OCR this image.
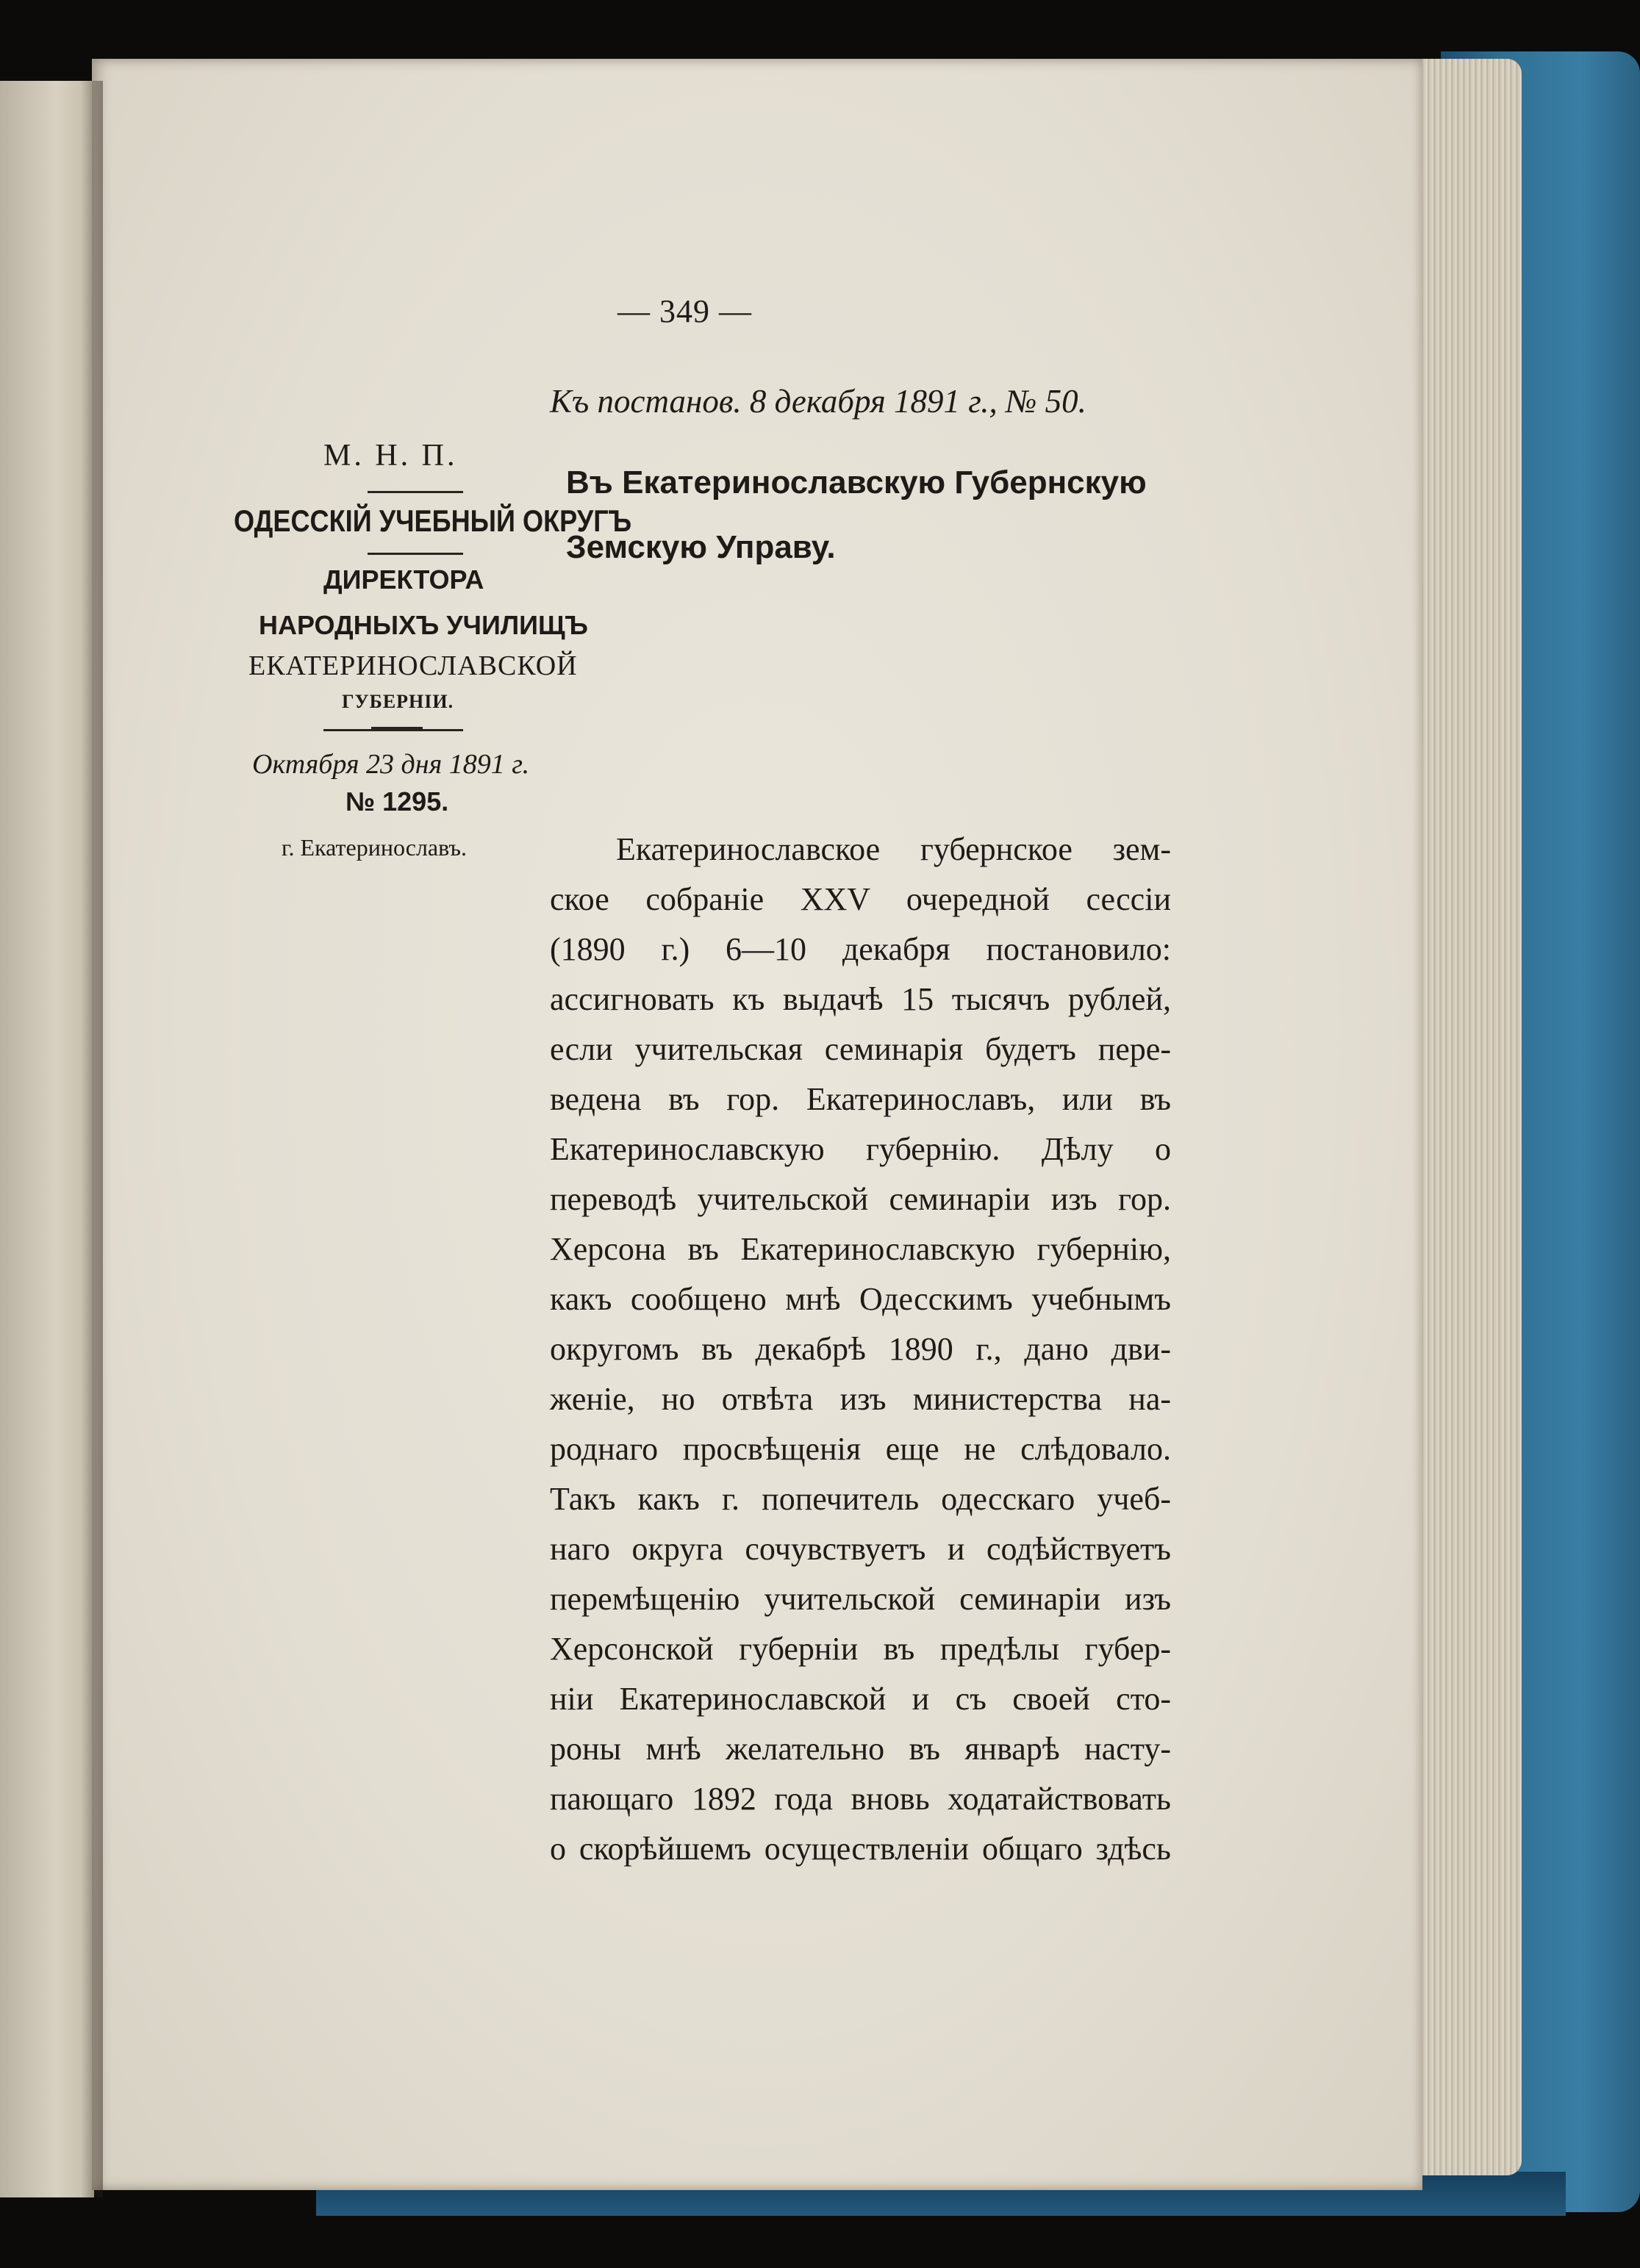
— 349 —
Къ постанов. 8 декабря 1891 г., № 50.
Въ Екатеринославскую Губернскую
Земскую Управу.
М. Н. П.
ОДЕССКІЙ УЧЕБНЫЙ ОКРУГЪ
ДИРЕКТОРА
НАРОДНЫХЪ УЧИЛИЩЪ
ЕКАТЕРИНОСЛАВСКОЙ
ГУБЕРНІИ.
Октября 23 дня 1891 г.
№ 1295.
г. Екатеринославъ.	Екатеринославское губернское зем-
ское собраніе XXV очередной сессіи
(1890 г.) 6—10 декабря постановило:
ассигновать къ выдачѣ 15 тысячъ рублей,
если учительская семинарія будетъ пере-
ведена въ гор. Екатеринославъ, или въ
Екатеринославскую губернію. Дѣлу о
переводѣ учительской семинаріи изъ гор.
Херсона въ Екатеринославскую губернію,
какъ сообщено мнѣ Одесскимъ учебнымъ
округомъ въ декабрѣ 1890 г., дано дви-
женіе, но отвѣта изъ министерства на-
роднаго просвѣщенія еще не слѣдовало.
Такъ какъ г. попечитель одесскаго учеб-
наго округа сочувствуетъ и содѣйствуетъ
перемѣщенію учительской семинаріи изъ
Херсонской губерніи въ предѣлы губер-
ніи Екатеринославской и съ своей сто-
роны мнѣ желательно въ январѣ насту-
пающаго 1892 года вновь ходатайствовать
о скорѣйшемъ осуществленіи общаго здѣсь
